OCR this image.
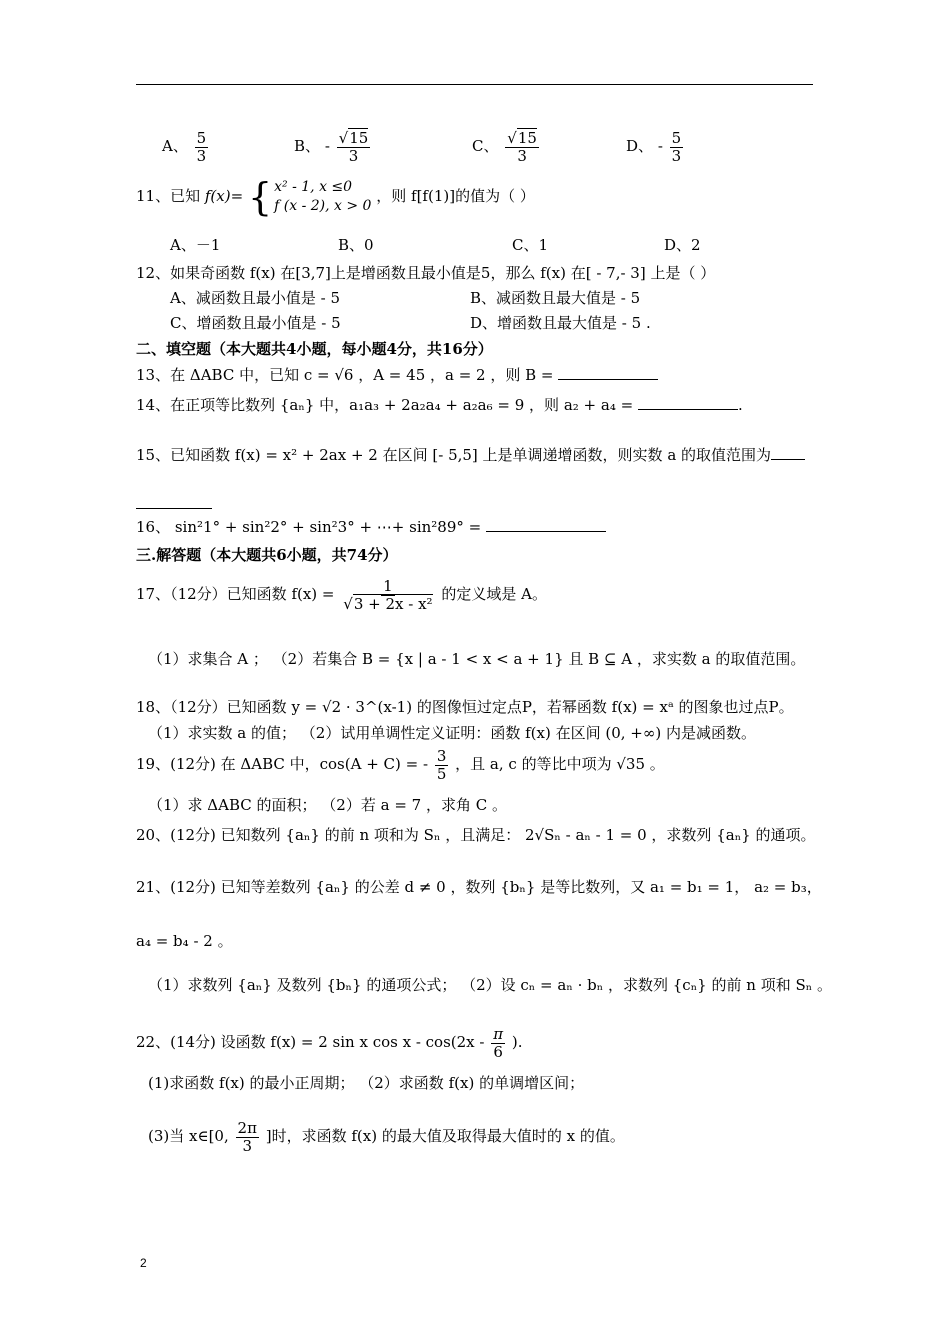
A、 $\frac{5}{3}$	B、 - $\frac{√15}{3}$	C、 $\frac{√15}{3}$	D、 - $\frac{5}{3}$
11、已知 f(x)= { x² - 1, x ≤0
f (x - 2), x > 0
，则 f[f(1)]的值为（ ）
A、－1	B、0	C、1	D、2
12、如果奇函数 f(x) 在[3,7]上是增函数且最小值是5，那么 f(x) 在[ - 7,- 3] 上是（ ）
A、减函数且最小值是 - 5	B、减函数且最大值是 - 5
C、增函数且最小值是 - 5	D、增函数且最大值是 - 5 .
二、填空题（本大题共4小题，每小题4分，共16分）
13、在 ΔABC 中，已知 c = √6 ，A = 45 ，a = 2 ，则 B =
14、在正项等比数列 {aₙ} 中，a₁a₃ + 2a₂a₄ + a₂a₆ = 9 ，则 a₂ + a₄ =	.
15、已知函数 f(x) = x² + 2ax + 2 在区间 [- 5,5] 上是单调递增函数，则实数 a 的取值范围为
16、 sin²1° + sin²2° + sin²3° + ⋯+ sin²89° =
三.解答题（本大题共6小题，共74分）
17、（12分）已知函数 $f(x) = \frac{1}{\text{√3 + 2x - x²}}$ 的定义域是 A。
（1）求集合 A ； （2）若集合 B = {x | a - 1 < x < a + 1} 且 B ⊆ A ，求实数 a 的取值范围。
18、（12分）已知函数 y = √2 · 3^(x-1) 的图像恒过定点P，若幂函数 f(x) = xᵃ 的图象也过点P。
（1）求实数 a 的值； （2）试用单调性定义证明：函数 f(x) 在区间 (0, +∞) 内是减函数。
19、(12分) 在 ΔABC 中，cos(A + C) = - $\frac{3}{5}$ ，且 a, c 的等比中项为 √35 。
（1）求 ΔABC 的面积； （2）若 a = 7 ，求角 C 。
20、(12分) 已知数列 {aₙ} 的前 n 项和为 Sₙ ，且满足： 2√Sₙ - aₙ - 1 = 0 ，求数列 {aₙ} 的通项。
21、(12分) 已知等差数列 {aₙ} 的公差 d ≠ 0 ，数列 {bₙ} 是等比数列，又 a₁ = b₁ = 1， a₂ = b₃，
a₄ = b₄ - 2 。
（1）求数列 {aₙ} 及数列 {bₙ} 的通项公式； （2）设 cₙ = aₙ · bₙ ，求数列 {cₙ} 的前 n 项和 Sₙ 。
22、(14分) 设函数 f(x) = 2 sin x cos x - $\cos(2x - \frac{\pi}{6}$ ).
(1)求函数 f(x) 的最小正周期； （2）求函数 f(x) 的单调增区间；
(3)当 x∈[0, $\frac{2\pi}{3}$ ]时，求函数 f(x) 的最大值及取得最大值时的 x 的值。
2
